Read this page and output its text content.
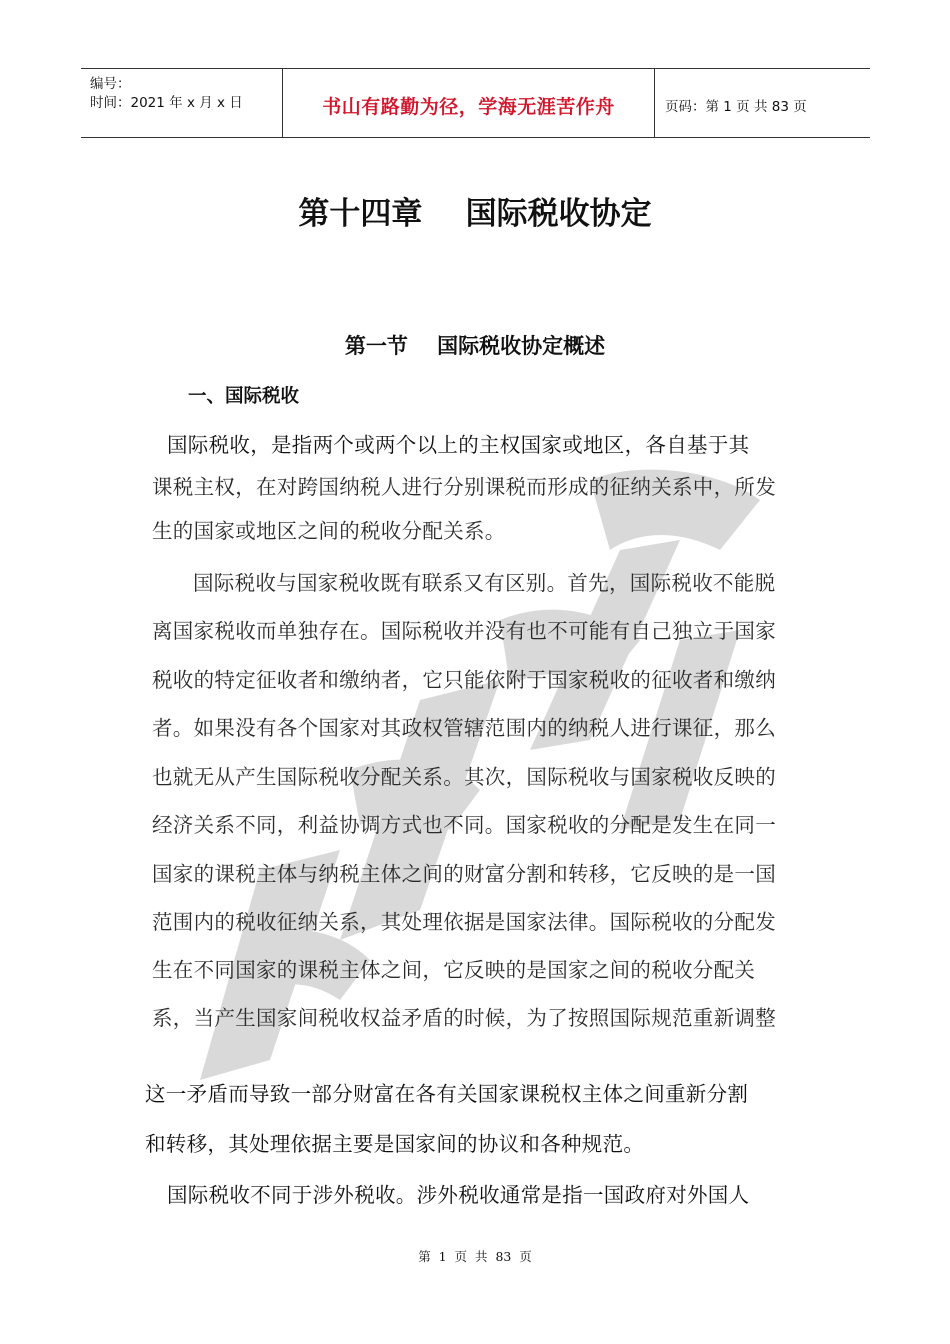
编号：
时间：2021 年 x 月 x 日	书山有路勤为径，学海无涯苦作舟	页码：第 1 页 共 83 页
第十四章    国际税收协定
第一节    国际税收协定概述
一、国际税收
国际税收，是指两个或两个以上的主权国家或地区，各自基于其
课税主权，在对跨国纳税人进行分别课税而形成的征纳关系中，所发
生的国家或地区之间的税收分配关系。
国际税收与国家税收既有联系又有区别。首先，国际税收不能脱
离国家税收而单独存在。国际税收并没有也不可能有自己独立于国家
税收的特定征收者和缴纳者，它只能依附于国家税收的征收者和缴纳
者。如果没有各个国家对其政权管辖范围内的纳税人进行课征，那么
也就无从产生国际税收分配关系。其次，国际税收与国家税收反映的
经济关系不同，利益协调方式也不同。国家税收的分配是发生在同一
国家的课税主体与纳税主体之间的财富分割和转移，它反映的是一国
范围内的税收征纳关系，其处理依据是国家法律。国际税收的分配发
生在不同国家的课税主体之间，它反映的是国家之间的税收分配关
系，当产生国家间税收权益矛盾的时候，为了按照国际规范重新调整
这一矛盾而导致一部分财富在各有关国家课税权主体之间重新分割
和转移，其处理依据主要是国家间的协议和各种规范。
国际税收不同于涉外税收。涉外税收通常是指一国政府对外国人
第  1  页  共  83  页
